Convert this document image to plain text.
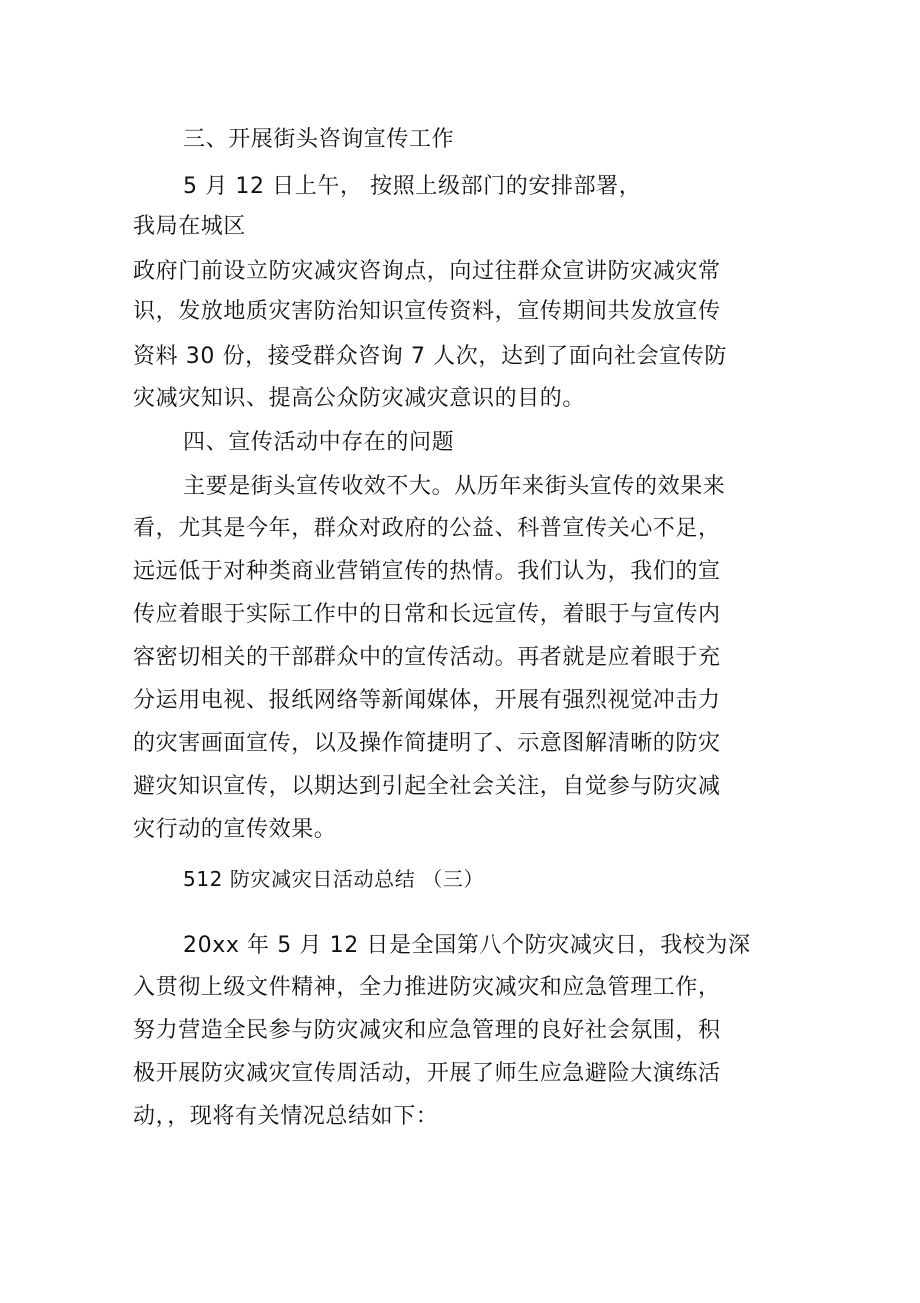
三、开展街头咨询宣传工作
5 月 12 日上午， 按照上级部门的安排部署，
我局在城区
政府门前设立防灾减灾咨询点，向过往群众宣讲防灾减灾常
识，发放地质灾害防治知识宣传资料，宣传期间共发放宣传
资料 30 份，接受群众咨询 7 人次，达到了面向社会宣传防
灾减灾知识、提高公众防灾减灾意识的目的。
四、宣传活动中存在的问题
主要是街头宣传收效不大。从历年来街头宣传的效果来
看，尤其是今年，群众对政府的公益、科普宣传关心不足，
远远低于对种类商业营销宣传的热情。我们认为，我们的宣
传应着眼于实际工作中的日常和长远宣传，着眼于与宣传内
容密切相关的干部群众中的宣传活动。再者就是应着眼于充
分运用电视、报纸网络等新闻媒体，开展有强烈视觉冲击力
的灾害画面宣传，以及操作简捷明了、示意图解清晰的防灾
避灾知识宣传，以期达到引起全社会关注，自觉参与防灾减
灾行动的宣传效果。
512 防灾减灾日活动总结 （三）
20xx 年 5 月 12 日是全国第八个防灾减灾日，我校为深
入贯彻上级文件精神，全力推进防灾减灾和应急管理工作，
努力营造全民参与防灾减灾和应急管理的良好社会氛围，积
极开展防灾减灾宣传周活动，开展了师生应急避险大演练活
动，，现将有关情况总结如下：
